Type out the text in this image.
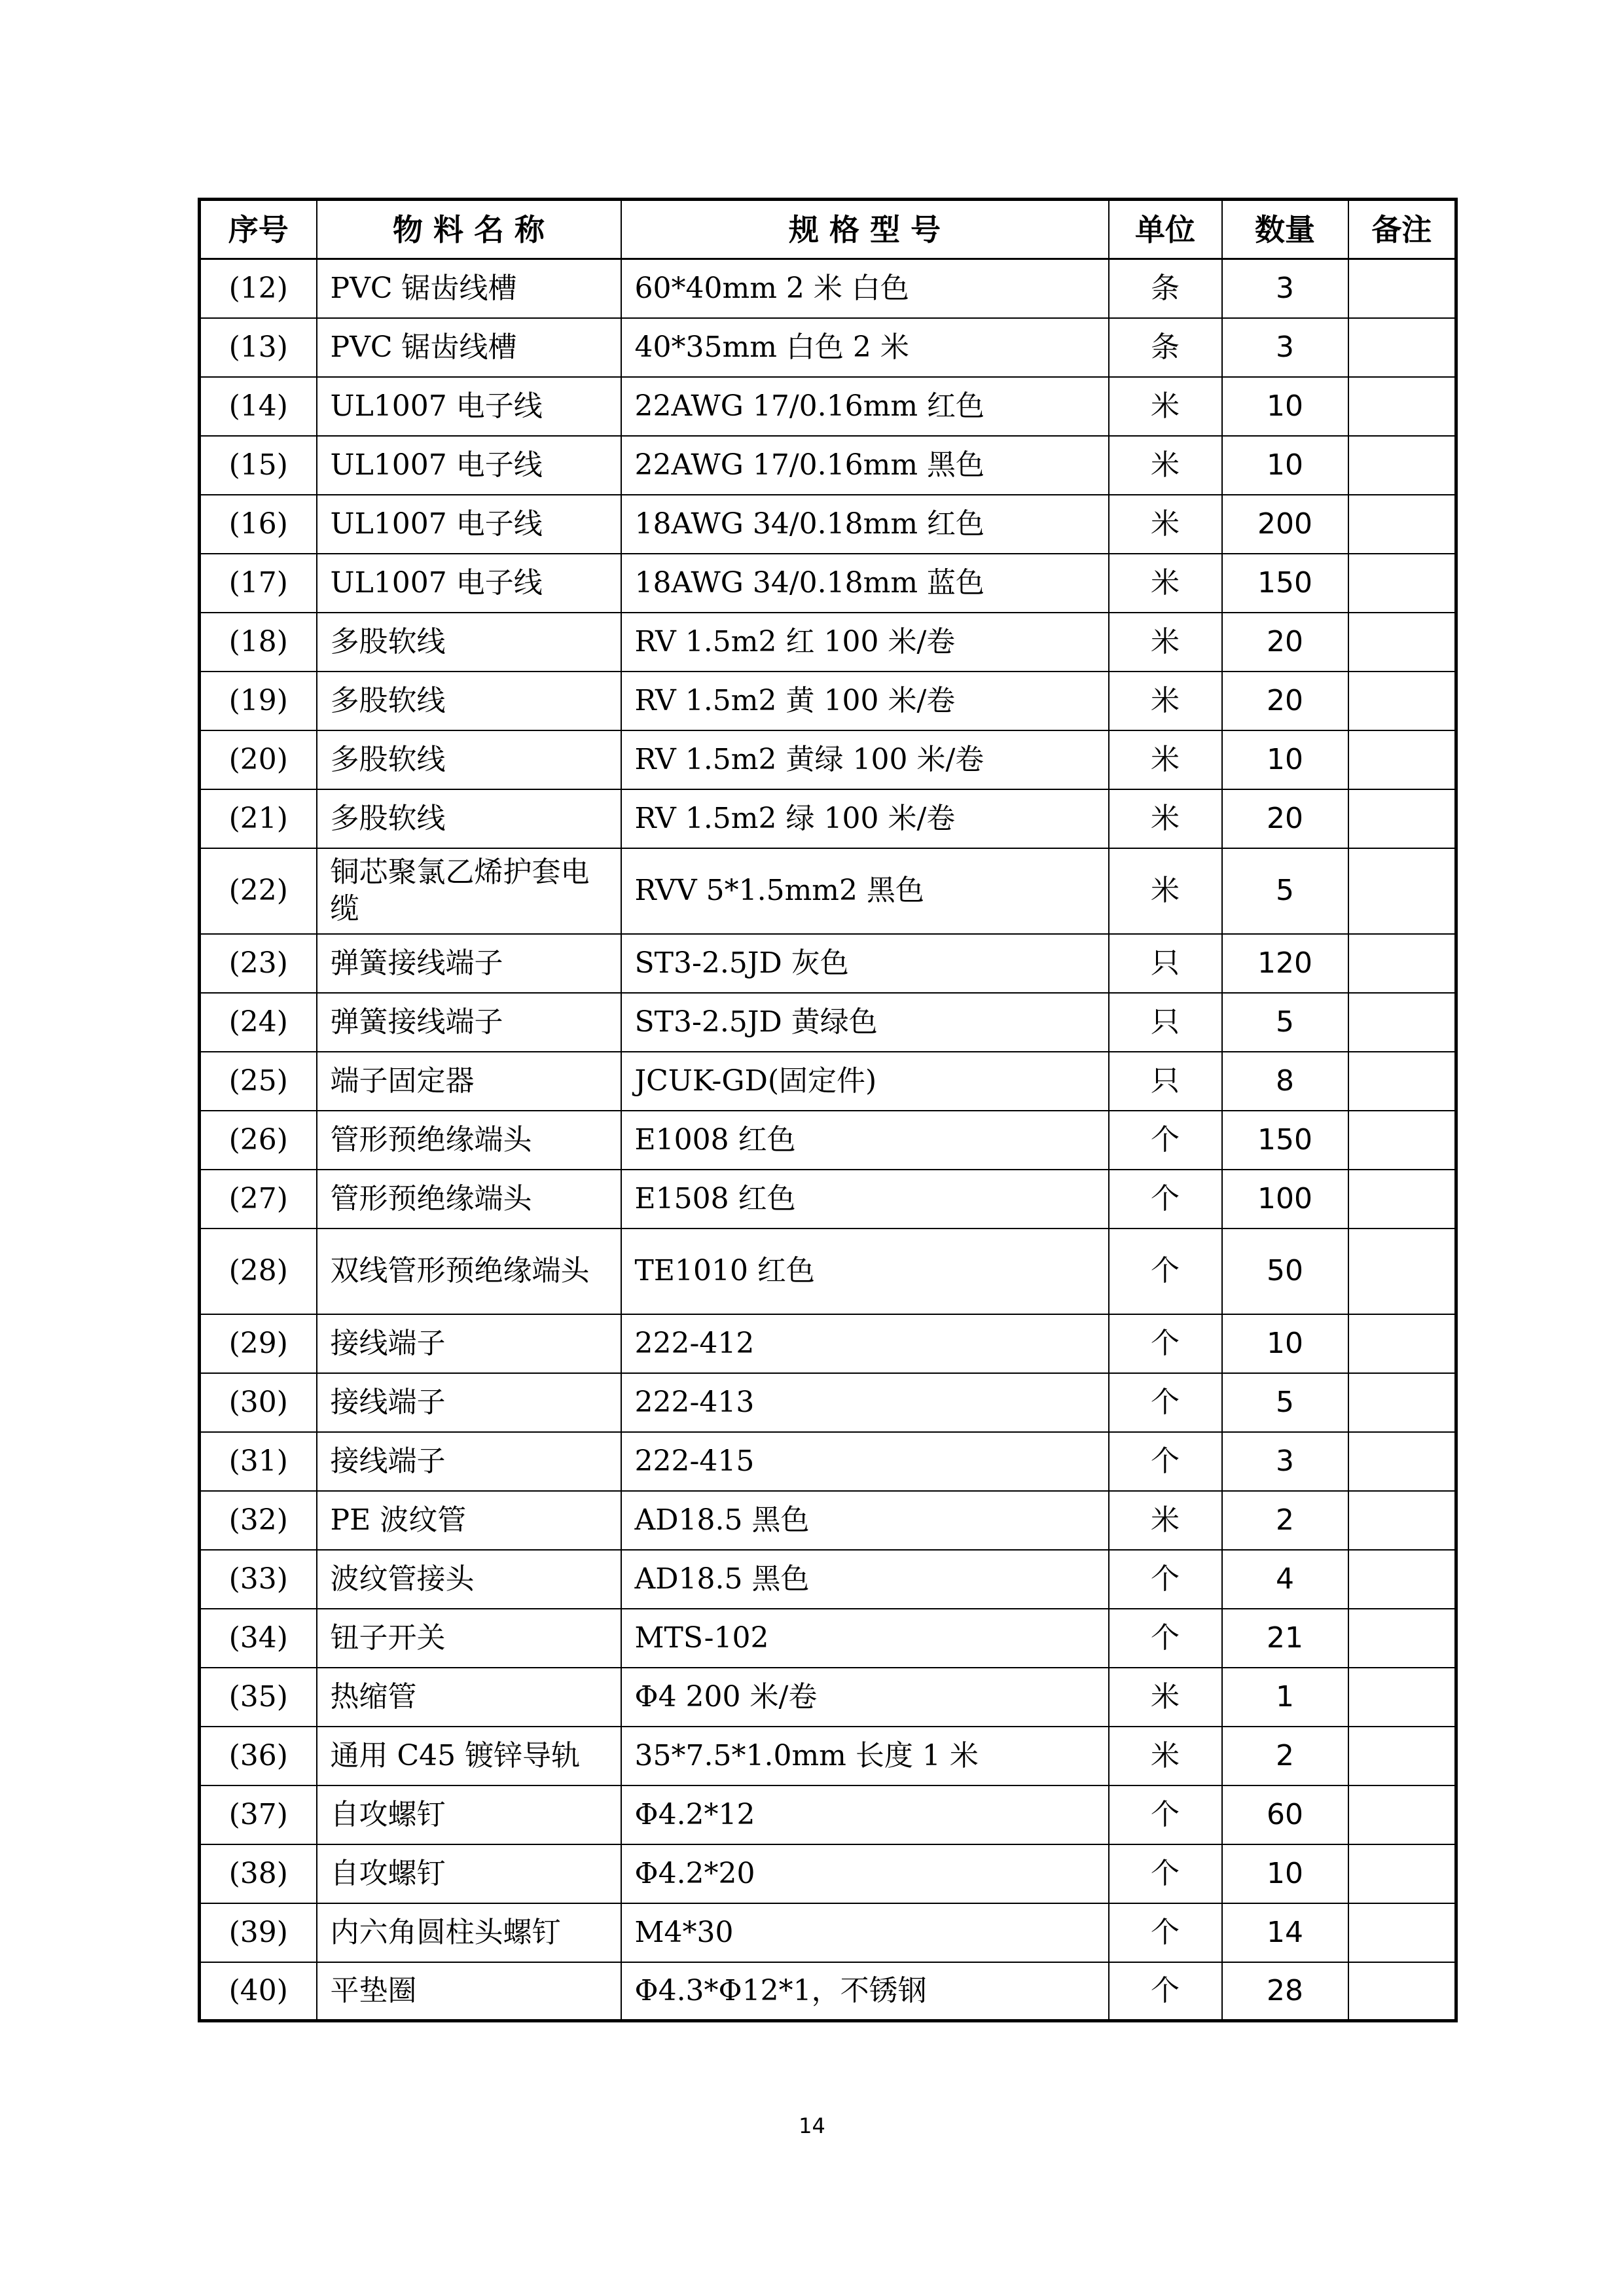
序号	物 料 名 称	规 格 型 号	单位	数量	备注
(12)	PVC 锯齿线槽	60*40mm 2 米 白色	条	3	
(13)	PVC 锯齿线槽	40*35mm 白色 2 米	条	3	
(14)	UL1007 电子线	22AWG 17/0.16mm 红色	米	10	
(15)	UL1007 电子线	22AWG 17/0.16mm 黑色	米	10	
(16)	UL1007 电子线	18AWG 34/0.18mm 红色	米	200	
(17)	UL1007 电子线	18AWG 34/0.18mm 蓝色	米	150	
(18)	多股软线	RV 1.5m2 红 100 米/卷	米	20	
(19)	多股软线	RV 1.5m2 黄 100 米/卷	米	20	
(20)	多股软线	RV 1.5m2 黄绿 100 米/卷	米	10	
(21)	多股软线	RV 1.5m2 绿 100 米/卷	米	20	
(22)	铜芯聚氯乙烯护套电缆	RVV 5*1.5mm2 黑色	米	5	
(23)	弹簧接线端子	ST3-2.5JD 灰色	只	120	
(24)	弹簧接线端子	ST3-2.5JD 黄绿色	只	5	
(25)	端子固定器	JCUK-GD(固定件)	只	8	
(26)	管形预绝缘端头	E1008 红色	个	150	
(27)	管形预绝缘端头	E1508 红色	个	100	
(28)	双线管形预绝缘端头	TE1010 红色	个	50	
(29)	接线端子	222-412	个	10	
(30)	接线端子	222-413	个	5	
(31)	接线端子	222-415	个	3	
(32)	PE 波纹管	AD18.5 黑色	米	2	
(33)	波纹管接头	AD18.5 黑色	个	4	
(34)	钮子开关	MTS-102	个	21	
(35)	热缩管	Φ4 200 米/卷	米	1	
(36)	通用 C45 镀锌导轨	35*7.5*1.0mm 长度 1 米	米	2	
(37)	自攻螺钉	Φ4.2*12	个	60	
(38)	自攻螺钉	Φ4.2*20	个	10	
(39)	内六角圆柱头螺钉	M4*30	个	14	
(40)	平垫圈	Φ4.3*Φ12*1，不锈钢	个	28	
14
